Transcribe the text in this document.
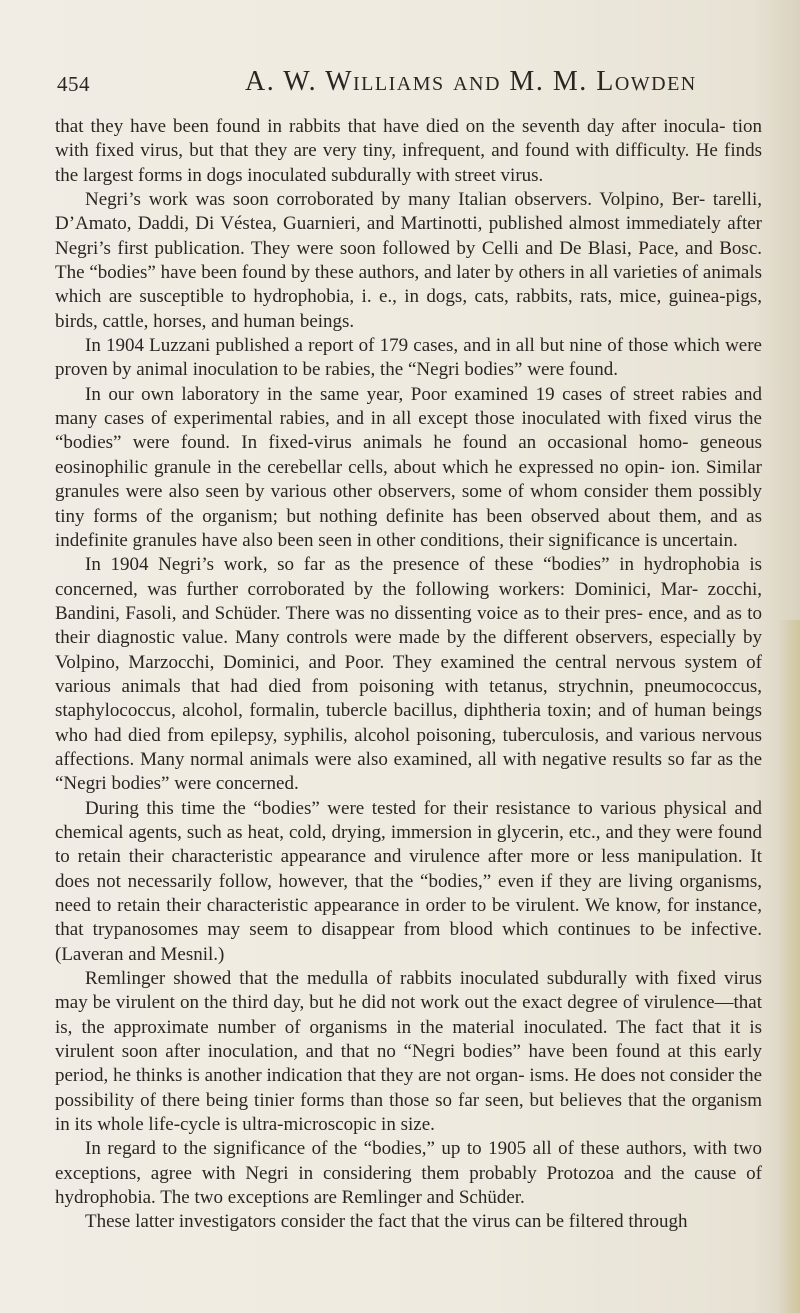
454	A. W. Williams and M. M. Lowden

that they have been found in rabbits that have died on the seventh day after inocula- tion with fixed virus, but that they are very tiny, infrequent, and found with difficulty. He finds the largest forms in dogs inoculated subdurally with street virus.

Negri’s work was soon corroborated by many Italian observers. Volpino, Ber- tarelli, D’Amato, Daddi, Di Véstea, Guarnieri, and Martinotti, published almost immediately after Negri’s first publication. They were soon followed by Celli and De Blasi, Pace, and Bosc. The “bodies” have been found by these authors, and later by others in all varieties of animals which are susceptible to hydrophobia, i. e., in dogs, cats, rabbits, rats, mice, guinea-pigs, birds, cattle, horses, and human beings.

In 1904 Luzzani published a report of 179 cases, and in all but nine of those which were proven by animal inoculation to be rabies, the “Negri bodies” were found.

In our own laboratory in the same year, Poor examined 19 cases of street rabies and many cases of experimental rabies, and in all except those inoculated with fixed virus the “bodies” were found. In fixed-virus animals he found an occasional homo- geneous eosinophilic granule in the cerebellar cells, about which he expressed no opin- ion. Similar granules were also seen by various other observers, some of whom consider them possibly tiny forms of the organism; but nothing definite has been observed about them, and as indefinite granules have also been seen in other conditions, their significance is uncertain.

In 1904 Negri’s work, so far as the presence of these “bodies” in hydrophobia is concerned, was further corroborated by the following workers: Dominici, Mar- zocchi, Bandini, Fasoli, and Schüder. There was no dissenting voice as to their pres- ence, and as to their diagnostic value. Many controls were made by the different observers, especially by Volpino, Marzocchi, Dominici, and Poor. They examined the central nervous system of various animals that had died from poisoning with tetanus, strychnin, pneumococcus, staphylococcus, alcohol, formalin, tubercle bacillus, diphtheria toxin; and of human beings who had died from epilepsy, syphilis, alcohol poisoning, tuberculosis, and various nervous affections. Many normal animals were also examined, all with negative results so far as the “Negri bodies” were concerned.

During this time the “bodies” were tested for their resistance to various physical and chemical agents, such as heat, cold, drying, immersion in glycerin, etc., and they were found to retain their characteristic appearance and virulence after more or less manipulation. It does not necessarily follow, however, that the “bodies,” even if they are living organisms, need to retain their characteristic appearance in order to be virulent. We know, for instance, that trypanosomes may seem to disappear from blood which continues to be infective. (Laveran and Mesnil.)

Remlinger showed that the medulla of rabbits inoculated subdurally with fixed virus may be virulent on the third day, but he did not work out the exact degree of virulence—that is, the approximate number of organisms in the material inoculated. The fact that it is virulent soon after inoculation, and that no “Negri bodies” have been found at this early period, he thinks is another indication that they are not organ- isms. He does not consider the possibility of there being tinier forms than those so far seen, but believes that the organism in its whole life-cycle is ultra-microscopic in size.

In regard to the significance of the “bodies,” up to 1905 all of these authors, with two exceptions, agree with Negri in considering them probably Protozoa and the cause of hydrophobia. The two exceptions are Remlinger and Schüder.

These latter investigators consider the fact that the virus can be filtered through
